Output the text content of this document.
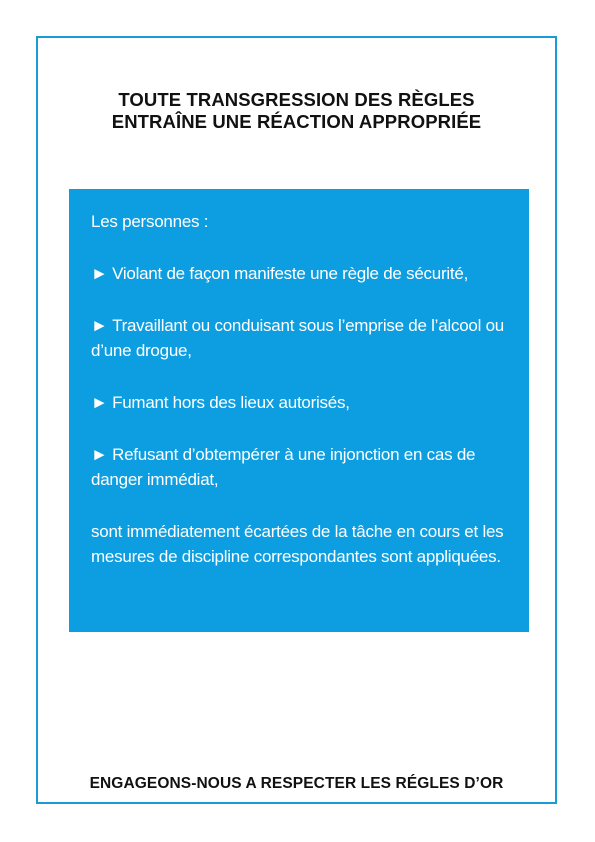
TOUTE TRANSGRESSION DES RÈGLES
ENTRAÎNE UNE RÉACTION APPROPRIÉE

Les personnes :

► Violant de façon manifeste une règle de sécurité,

► Travaillant ou conduisant sous l’emprise de l’alcool ou d’une drogue,

► Fumant hors des lieux autorisés,

► Refusant d’obtempérer à une injonction en cas de danger immédiat,

sont immédiatement écartées de la tâche en cours et les mesures de discipline correspondantes sont appliquées.

ENGAGEONS-NOUS A RESPECTER LES RÉGLES D’OR
